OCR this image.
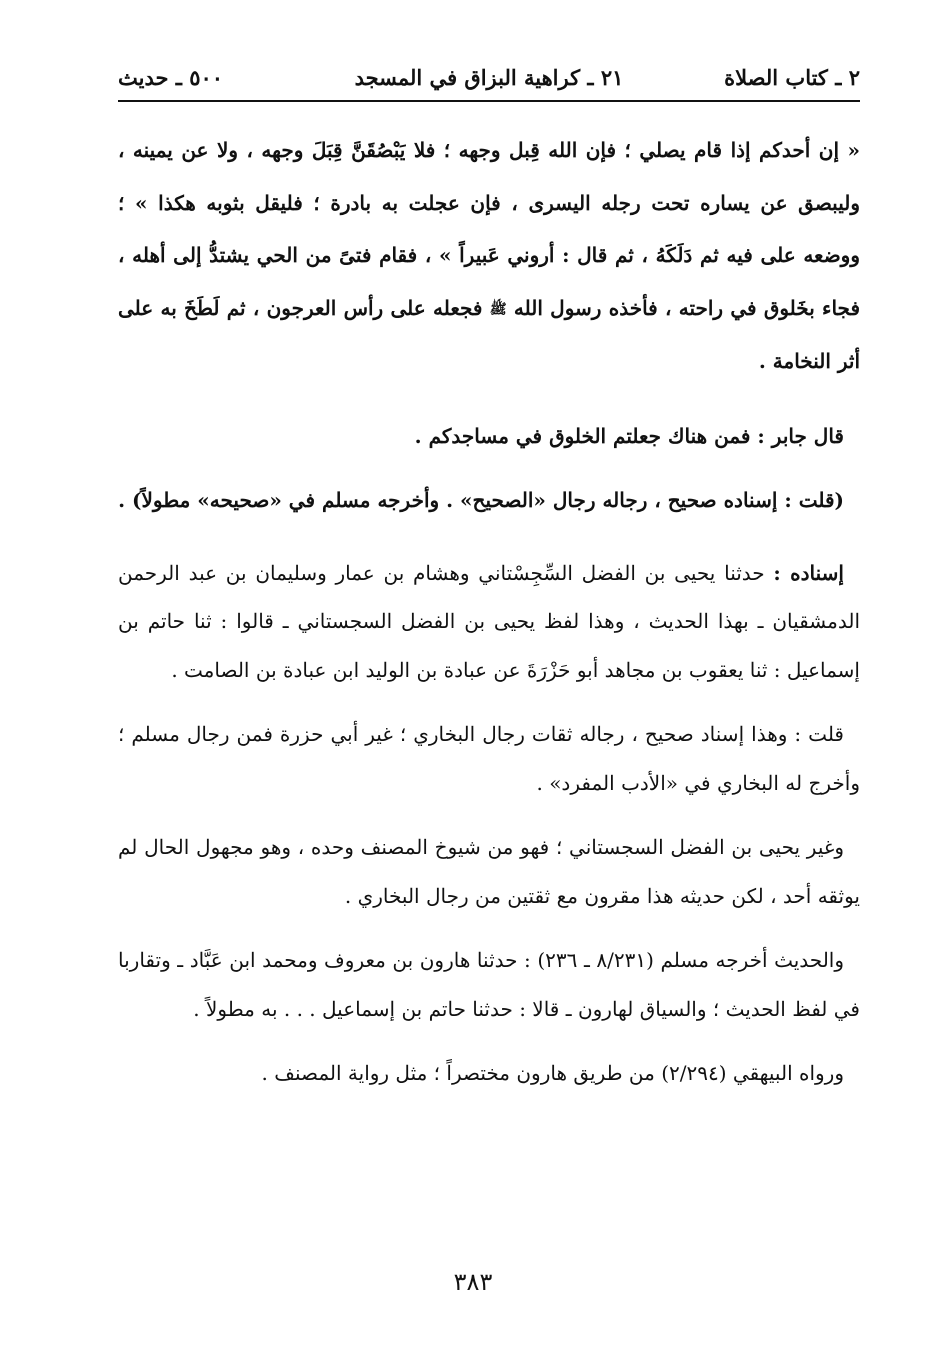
٢ ـ كتاب الصلاة
٢١ ـ كراهية البزاق في المسجد
٥٠٠ ـ حديث

« إن أحدكم إذا قام يصلي ؛ فإن الله قِبل وجهه ؛ فلا يَبْصُقَنَّ قِبَلَ وجهه ، ولا عن يمينه ، وليبصق عن يساره تحت رجله اليسرى ، فإن عجلت به بادرة ؛ فليقل بثوبه هكذا » ؛ ووضعه على فيه ثم دَلَكَهُ ، ثم قال : أروني عَبيراً » ، فقام فتىً من الحي يشتدُّ إلى أهله ، فجاء بخَلوق في راحته ، فأخذه رسول الله ﷺ فجعله على رأس العرجون ، ثم لَطَخَ به على أثر النخامة .

قال جابر : فمن هناك جعلتم الخلوق في مساجدكم .

(قلت : إسناده صحيح ، رجاله رجال «الصحيح» . وأخرجه مسلم في «صحيحه» مطولاً) .

إسناده : حدثنا يحيى بن الفضل السِّجِسْتاني وهشام بن عمار وسليمان بن عبد الرحمن الدمشقيان ـ بهذا الحديث ، وهذا لفظ يحيى بن الفضل السجستاني ـ قالوا : ثنا حاتم بن إسماعيل : ثنا يعقوب بن مجاهد أبو حَزْرَةَ عن عبادة بن الوليد ابن عبادة بن الصامت .

قلت : وهذا إسناد صحيح ، رجاله ثقات رجال البخاري ؛ غير أبي حزرة فمن رجال مسلم ؛ وأخرج له البخاري في «الأدب المفرد» .

وغير يحيى بن الفضل السجستاني ؛ فهو من شيوخ المصنف وحده ، وهو مجهول الحال لم يوثقه أحد ، لكن حديثه هذا مقرون مع ثقتين من رجال البخاري .

والحديث أخرجه مسلم (٨/٢٣١ ـ ٢٣٦) : حدثنا هارون بن معروف ومحمد ابن عَبَّاد ـ وتقاربا في لفظ الحديث ؛ والسياق لهارون ـ قالا : حدثنا حاتم بن إسماعيل . . . به مطولاً .

ورواه البيهقي (٢/٢٩٤) من طريق هارون مختصراً ؛ مثل رواية المصنف .

٣٨٣
